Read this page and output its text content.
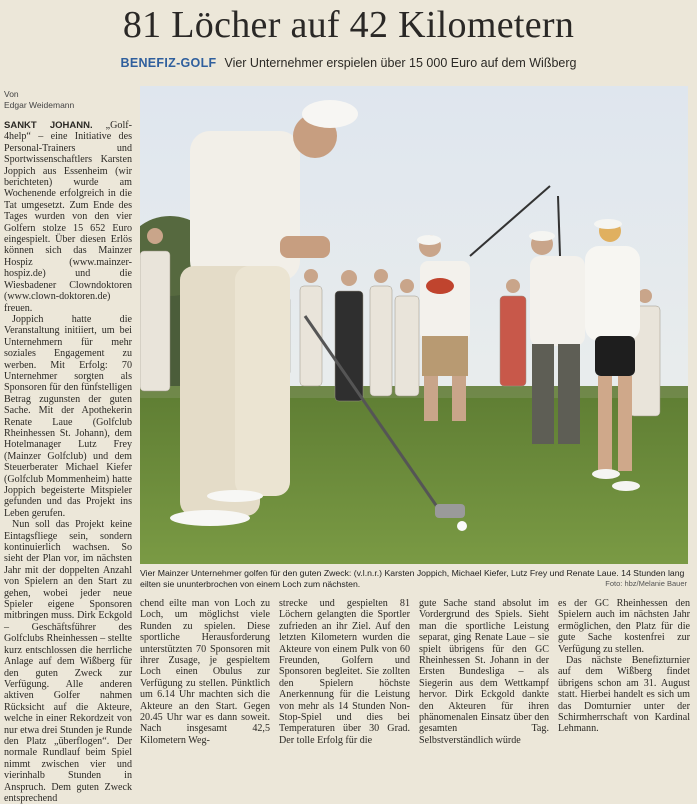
81 Löcher auf 42 Kilometern
BENEFIZ-GOLF Vier Unternehmer erspielen über 15 000 Euro auf dem Wißberg
Von
Edgar Weidemann

SANKT JOHANN. „Golf-4help“ – eine Initiative des Personal-Trainers und Sportwissenschaftlers Karsten Joppich aus Essenheim (wir berichteten) wurde am Wochenende erfolgreich in die Tat umgesetzt. Zum Ende des Tages wurden von den vier Golfern stolze 15 652 Euro eingespielt. Über diesen Erlös können sich das Mainzer Hospiz (www.mainzer-hospiz.de) und die Wiesbadener Clowndoktoren (www.clown-doktoren.de) freuen.

Joppich hatte die Veranstaltung initiiert, um bei Unternehmern für mehr soziales Engagement zu werben. Mit Erfolg: 70 Unternehmer sorgten als Sponsoren für den fünfstelligen Betrag zugunsten der guten Sache. Mit der Apothekerin Renate Laue (Golfclub Rheinhessen St. Johann), dem Hotelmanager Lutz Frey (Mainzer Golfclub) und dem Steuerberater Michael Kiefer (Golfclub Mommenheim) hatte Joppich begeisterte Mitspieler gefunden und das Projekt ins Leben gerufen.

Nun soll das Projekt keine Eintagsfliege sein, sondern kontinuierlich wachsen. So sieht der Plan vor, im nächsten Jahr mit der doppelten Anzahl von Spielern an den Start zu gehen, wobei jeder neue Spieler eigene Sponsoren mitbringen muss. Dirk Eckgold – Geschäftsführer des Golfclubs Rheinhessen – stellte kurz entschlossen die herrliche Anlage auf dem Wißberg für den guten Zweck zur Verfügung. Alle anderen aktiven Golfer nahmen Rücksicht auf die Akteure, welche in einer Rekordzeit von nur etwa drei Stunden je Runde den Platz „überflogen“. Der normale Rundlauf beim Spiel nimmt zwischen vier und vierinhalb Stunden in Anspruch. Dem guten Zweck entsprechend

Vier Mainzer Unternehmer golfen für den guten Zweck: (v.l.n.r.) Karsten Joppich, Michael Kiefer, Lutz Frey und Renate Laue. 14 Stunden lang eilten sie ununterbrochen von einem Loch zum nächsten.	Foto: hbz/Melanie Bauer

chend eilte man von Loch zu Loch, um möglichst viele Runden zu spielen. Diese sportliche Herausforderung unterstützten 70 Sponsoren mit ihrer Zusage, je gespieltem Loch einen Obulus zur Verfügung zu stellen. Pünktlich um 6.14 Uhr machten sich die Akteure an den Start. Gegen 20.45 Uhr war es dann soweit. Nach insgesamt 42,5 Kilometern Weg-

strecke und gespielten 81 Löchern gelangten die Sportler zufrieden an ihr Ziel. Auf den letzten Kilometern wurden die Akteure von einem Pulk von 60 Freunden, Golfern und Sponsoren begleitet. Sie zollten den Spielern höchste Anerkennung für die Leistung von mehr als 14 Stunden Non-Stop-Spiel und dies bei Temperaturen über 30 Grad. Der tolle Erfolg für die

gute Sache stand absolut im Vordergrund des Spiels. Sieht man die sportliche Leistung separat, ging Renate Laue – sie spielt übrigens für den GC Rheinhessen St. Johann in der Ersten Bundesliga – als Siegerin aus dem Wettkampf hervor. Dirk Eckgold dankte den Akteuren für ihren phänomenalen Einsatz über den gesamten Tag. Selbstverständlich würde

es der GC Rheinhessen den Spielern auch im nächsten Jahr ermöglichen, den Platz für die gute Sache kostenfrei zur Verfügung zu stellen.

Das nächste Benefizturnier auf dem Wißberg findet übrigens schon am 31. August statt. Hierbei handelt es sich um das Domturnier unter der Schirmherrschaft von Kardinal Lehmann.
